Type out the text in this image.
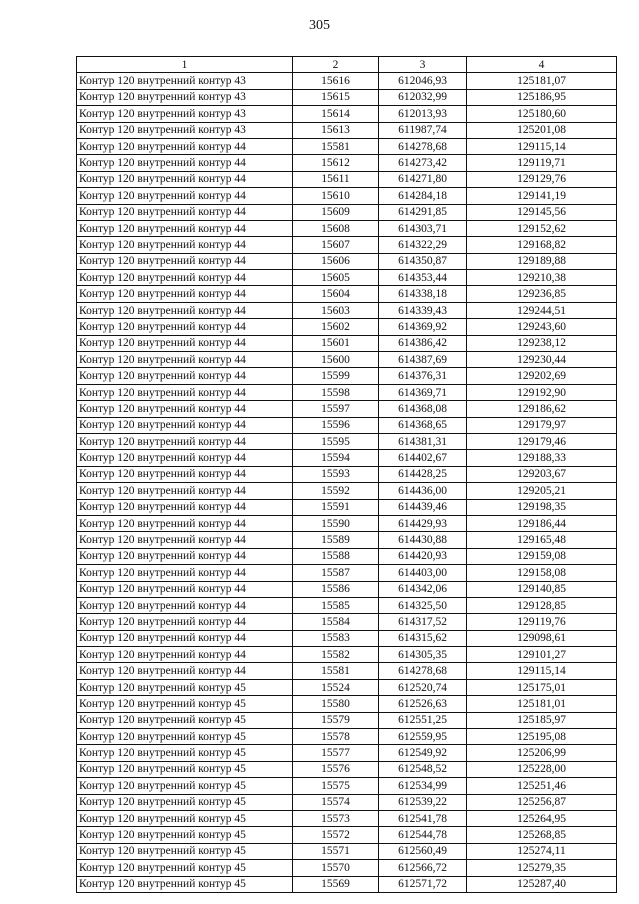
305
1	2	3	4
Контур 120 внутренний контур 43	15616	612046,93	125181,07
Контур 120 внутренний контур 43	15615	612032,99	125186,95
Контур 120 внутренний контур 43	15614	612013,93	125180,60
Контур 120 внутренний контур 43	15613	611987,74	125201,08
Контур 120 внутренний контур 44	15581	614278,68	129115,14
Контур 120 внутренний контур 44	15612	614273,42	129119,71
Контур 120 внутренний контур 44	15611	614271,80	129129,76
Контур 120 внутренний контур 44	15610	614284,18	129141,19
Контур 120 внутренний контур 44	15609	614291,85	129145,56
Контур 120 внутренний контур 44	15608	614303,71	129152,62
Контур 120 внутренний контур 44	15607	614322,29	129168,82
Контур 120 внутренний контур 44	15606	614350,87	129189,88
Контур 120 внутренний контур 44	15605	614353,44	129210,38
Контур 120 внутренний контур 44	15604	614338,18	129236,85
Контур 120 внутренний контур 44	15603	614339,43	129244,51
Контур 120 внутренний контур 44	15602	614369,92	129243,60
Контур 120 внутренний контур 44	15601	614386,42	129238,12
Контур 120 внутренний контур 44	15600	614387,69	129230,44
Контур 120 внутренний контур 44	15599	614376,31	129202,69
Контур 120 внутренний контур 44	15598	614369,71	129192,90
Контур 120 внутренний контур 44	15597	614368,08	129186,62
Контур 120 внутренний контур 44	15596	614368,65	129179,97
Контур 120 внутренний контур 44	15595	614381,31	129179,46
Контур 120 внутренний контур 44	15594	614402,67	129188,33
Контур 120 внутренний контур 44	15593	614428,25	129203,67
Контур 120 внутренний контур 44	15592	614436,00	129205,21
Контур 120 внутренний контур 44	15591	614439,46	129198,35
Контур 120 внутренний контур 44	15590	614429,93	129186,44
Контур 120 внутренний контур 44	15589	614430,88	129165,48
Контур 120 внутренний контур 44	15588	614420,93	129159,08
Контур 120 внутренний контур 44	15587	614403,00	129158,08
Контур 120 внутренний контур 44	15586	614342,06	129140,85
Контур 120 внутренний контур 44	15585	614325,50	129128,85
Контур 120 внутренний контур 44	15584	614317,52	129119,76
Контур 120 внутренний контур 44	15583	614315,62	129098,61
Контур 120 внутренний контур 44	15582	614305,35	129101,27
Контур 120 внутренний контур 44	15581	614278,68	129115,14
Контур 120 внутренний контур 45	15524	612520,74	125175,01
Контур 120 внутренний контур 45	15580	612526,63	125181,01
Контур 120 внутренний контур 45	15579	612551,25	125185,97
Контур 120 внутренний контур 45	15578	612559,95	125195,08
Контур 120 внутренний контур 45	15577	612549,92	125206,99
Контур 120 внутренний контур 45	15576	612548,52	125228,00
Контур 120 внутренний контур 45	15575	612534,99	125251,46
Контур 120 внутренний контур 45	15574	612539,22	125256,87
Контур 120 внутренний контур 45	15573	612541,78	125264,95
Контур 120 внутренний контур 45	15572	612544,78	125268,85
Контур 120 внутренний контур 45	15571	612560,49	125274,11
Контур 120 внутренний контур 45	15570	612566,72	125279,35
Контур 120 внутренний контур 45	15569	612571,72	125287,40
